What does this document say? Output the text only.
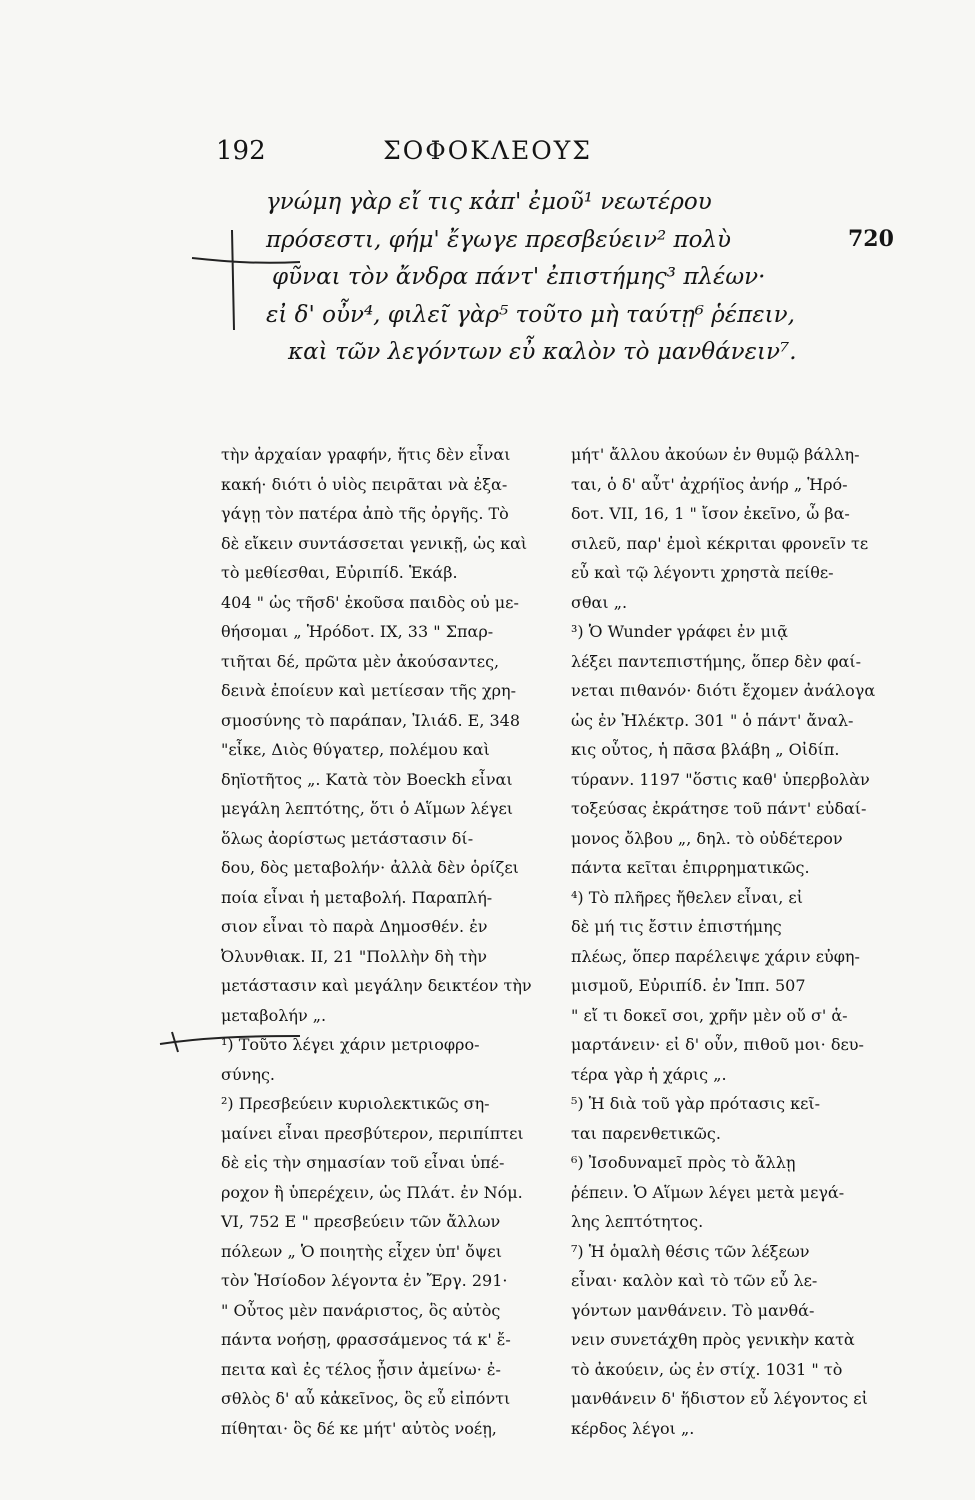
192	ΣΟΦΟΚΛΕΟΥΣ
γνώμη γὰρ εἴ τις κἀπ' ἐμοῦ¹ νεωτέρου
πρόσεστι, φήμ' ἔγωγε πρεσβεύειν² πολὺ
φῦναι τὸν ἄνδρα πάντ' ἐπιστήμης³ πλέων·
εἰ δ' οὖν⁴, φιλεῖ γὰρ⁵ τοῦτο μὴ ταύτῃ⁶ ῥέπειν,
καὶ τῶν λεγόντων εὖ καλὸν τὸ μανθάνειν⁷.
720

τὴν ἀρχαίαν γραφήν, ἥτις δὲν εἶναι

κακή· διότι ὁ υἱὸς πειρᾶται νὰ ἐξα-

γάγῃ τὸν πατέρα ἀπὸ τῆς ὀργῆς. Τὸ

δὲ εἴκειν συντάσσεται γενικῇ, ὡς καὶ

τὸ μεθίεσθαι, Εὐριπίδ. Ἑκάβ.

404 " ὡς τῆσδ' ἑκοῦσα παιδὸς οὐ με-

θήσομαι „ Ἡρόδοτ. IX, 33 " Σπαρ-

τιῆται δέ, πρῶτα μὲν ἀκούσαντες,

δεινὰ ἐποίευν καὶ μετίεσαν τῆς χρη-

σμοσύνης τὸ παράπαν, Ἰλιάδ. Ε, 348

"εἶκε, Διὸς θύγατερ, πολέμου καὶ

δηϊοτῆτος „. Κατὰ τὸν Boeckh εἶναι

μεγάλη λεπτότης, ὅτι ὁ Αἵμων λέγει

ὅλως ἀορίστως μετάστασιν δί-

δου, δὸς μεταβολήν· ἀλλὰ δὲν ὁρίζει

ποία εἶναι ἡ μεταβολή. Παραπλή-

σιον εἶναι τὸ παρὰ Δημοσθέν. ἐν

Ὀλυνθιακ. II, 21 "Πολλὴν δὴ τὴν

μετάστασιν καὶ μεγάλην δεικτέον τὴν

μεταβολήν „.

¹) Τοῦτο λέγει χάριν μετριοφρο-

σύνης.

²) Πρεσβεύειν κυριολεκτικῶς ση-

μαίνει εἶναι πρεσβύτερον, περιπίπτει

δὲ εἰς τὴν σημασίαν τοῦ εἶναι ὑπέ-

ροχον ἢ ὑπερέχειν, ὡς Πλάτ. ἐν Νόμ.

VI, 752 Ε " πρεσβεύειν τῶν ἄλλων

πόλεων „ Ὁ ποιητὴς εἶχεν ὑπ' ὄψει

τὸν Ἡσίοδον λέγοντα ἐν Ἔργ. 291·

" Οὗτος μὲν πανάριστος, ὃς αὐτὸς

πάντα νοήσῃ, φρασσάμενος τά κ' ἔ-

πειτα καὶ ἐς τέλος ᾖσιν ἀμείνω· ἐ-

σθλὸς δ' αὖ κἀκεῖνος, ὃς εὖ εἰπόντι

πίθηται· ὃς δέ κε μήτ' αὐτὸς νοέῃ,

μήτ' ἄλλου ἀκούων ἐν θυμῷ βάλλη-

ται, ὁ δ' αὖτ' ἀχρήϊος ἀνήρ „ Ἡρό-

δοτ. VII, 16, 1 " ἴσον ἐκεῖνο, ὦ βα-

σιλεῦ, παρ' ἐμοὶ κέκριται φρονεῖν τε

εὖ καὶ τῷ λέγοντι χρηστὰ πείθε-

σθαι „.

³) Ὁ Wunder γράφει ἐν μιᾷ

λέξει παντεπιστήμης, ὅπερ δὲν φαί-

νεται πιθανόν· διότι ἔχομεν ἀνάλογα

ὡς ἐν Ἠλέκτρ. 301 " ὁ πάντ' ἄναλ-

κις οὗτος, ἡ πᾶσα βλάβη „ Οἰδίπ.

τύρανν. 1197 "ὅστις καθ' ὑπερβολὰν

τοξεύσας ἐκράτησε τοῦ πάντ' εὐδαί-

μονος ὄλβου „, δηλ. τὸ οὐδέτερον

πάντα κεῖται ἐπιρρηματικῶς.

⁴) Τὸ πλῆρες ἤθελεν εἶναι, εἰ

δὲ μή τις ἔστιν ἐπιστήμης

πλέως, ὅπερ παρέλειψε χάριν εὐφη-

μισμοῦ, Εὐριπίδ. ἐν Ἱππ. 507

" εἴ τι δοκεῖ σοι, χρῆν μὲν οὔ σ' ἁ-

μαρτάνειν· εἰ δ' οὖν, πιθοῦ μοι· δευ-

τέρα γὰρ ἡ χάρις „.

⁵) Ἡ διὰ τοῦ γὰρ πρότασις κεῖ-

ται παρενθετικῶς.

⁶) Ἰσοδυναμεῖ πρὸς τὸ ἄλλῃ

ῥέπειν. Ὁ Αἵμων λέγει μετὰ μεγά-

λης λεπτότητος.

⁷) Ἡ ὁμαλὴ θέσις τῶν λέξεων

εἶναι· καλὸν καὶ τὸ τῶν εὖ λε-

γόντων μανθάνειν. Τὸ μανθά-

νειν συνετάχθη πρὸς γενικὴν κατὰ

τὸ ἀκούειν, ὡς ἐν στίχ. 1031 " τὸ

μανθάνειν δ' ἥδιστον εὖ λέγοντος εἰ

κέρδος λέγοι „.
